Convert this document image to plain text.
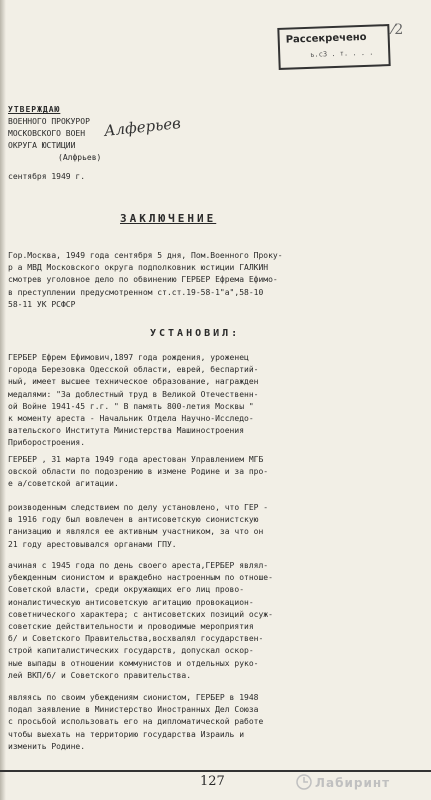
Рассекречено
ь.с3 . т. . . .
⁄2
УТВЕРЖДАЮ
ВОЕННОГО ПРОКУРОР
МОСКОВСКОГО ВОЕН
ОКРУГА ЮСТИЦИИ
(Алфрьев)
Алферьев
сентября 1949 г.
ЗАКЛЮЧЕНИЕ
Гор.Москва, 1949 года сентября 5 дня, Пом.Военного Проку-
р а МВД Московского округа подполковник юстиции ГАЛКИН
смотрев уголовное дело по обвинению ГЕРБЕР Ефрема Ефимо-
в преступлении предусмотренном ст.ст.19-58-1"а",58-10
58-11 УК РСФСР
УСТАНОВИЛ:
ГЕРБЕР Ефрем Ефимович,1897 года рождения, уроженец
города Березовка Одесской области, еврей, беспартий-
ный, имеет высшее техническое образование, награжден
медалями: "За доблестный труд в Великой Отечественн-
ой Войне 1941-45 г.г. " В память 800-летия Москвы "
к моменту ареста - Начальник Отдела Научно-Исследо-
вательского Института Министерства Машиностроения
Приборостроения.
ГЕРБЕР , 31 марта 1949 года арестован Управлением МГБ
овской области по подозрению в измене Родине и за про-
е а/советской агитации.
роизводенным следствием по делу установлено, что ГЕР -
в 1916 году был вовлечен в антисоветскую сионистскую
ганизацию и являлся ее активным участником, за что он
21 году арестовывался органами ГПУ.
ачиная с 1945 года по день своего ареста,ГЕРБЕР являл-
убежденным сионистом и враждебно настроенным по отноше-
Советской власти, среди окружающих его лиц прово-
ионалистическую антисоветскую агитацию провокацион-
советнического характера; с антисоветских позиций осуж-
советские действительности и проводимые мероприятия
б/ и Советского Правительства,восхвалял государствен-
строй капиталистических государств, допускал оскор-
ные выпады в отношении коммунистов и отдельных руко-
лей ВКП/б/ и Советского правительства.
являясь по своим убеждениям сионистом, ГЕРБЕР в 1948
подал заявление в Министерство Иностранных Дел Союза
с просьбой использовать его на дипломатической работе
чтобы выехать на территорию государства Израиль и
изменить Родине.
127	Лабиринт
